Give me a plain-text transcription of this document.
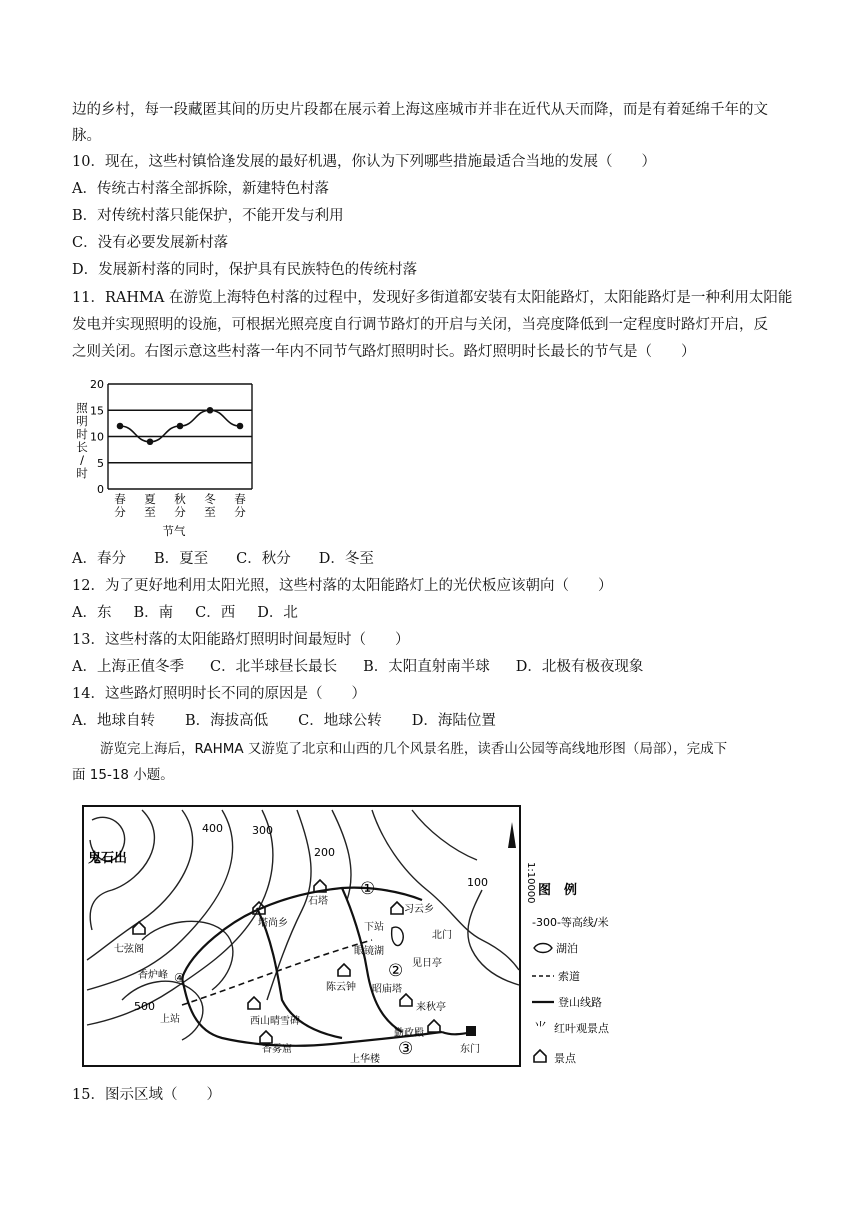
边的乡村，每一段藏匿其间的历史片段都在展示着上海这座城市并非在近代从天而降，而是有着延绵千年的文
脉。
10．现在，这些村镇恰逢发展的最好机遇，你认为下列哪些措施最适合当地的发展（　　）
A．传统古村落全部拆除，新建特色村落
B．对传统村落只能保护，不能开发与利用
C．没有必要发展新村落
D．发展新村落的同时，保护具有民族特色的传统村落
11．RAHMA 在游览上海特色村落的过程中，发现好多街道都安装有太阳能路灯，太阳能路灯是一种利用太阳能
发电并实现照明的设施，可根据光照亮度自行调节路灯的开启与关闭，当亮度降低到一定程度时路灯开启，反
之则关闭。右图示意这些村落一年内不同节气路灯照明时长。路灯照明时长最长的节气是（　　）
0
5
10
15
20
照
明
时
长
/
时
春
分
夏
至
秋
分
冬
至
春
分
节气
A．春分 B．夏至 C．秋分 D．冬至
12．为了更好地利用太阳光照，这些村落的太阳能路灯上的光伏板应该朝向（　　）
A．东 B．南 C．西 D．北
13．这些村落的太阳能路灯照明时间最短时（　　）
A．上海正值冬季 C．北半球昼长最长 B．太阳直射南半球 D．北极有极夜现象
14．这些路灯照明时长不同的原因是（　　）
A．地球自转 B．海拔高低 C．地球公转 D．海陆位置
游览完上海后，RAHMA 又游览了北京和山西的几个风景名胜，读香山公园等高线地形图（局部），完成下
面 15-18 小题。
400	300
200
100
500
鬼石出
石塔
习云乡
塔尚乡	下站
北门
七弦阁	眼镜湖
见日亭
香炉峰
陈云钟 昭庙塔
上站
来秋亭
西山晴雪碑
勤政殿
东门
香雾窟
上华楼
①
②
③
④
1:10000 图　例
-300-等高线/米
湖泊
索道
登山线路
⺌ 红叶观景点
景点
15．图示区域（　　）
